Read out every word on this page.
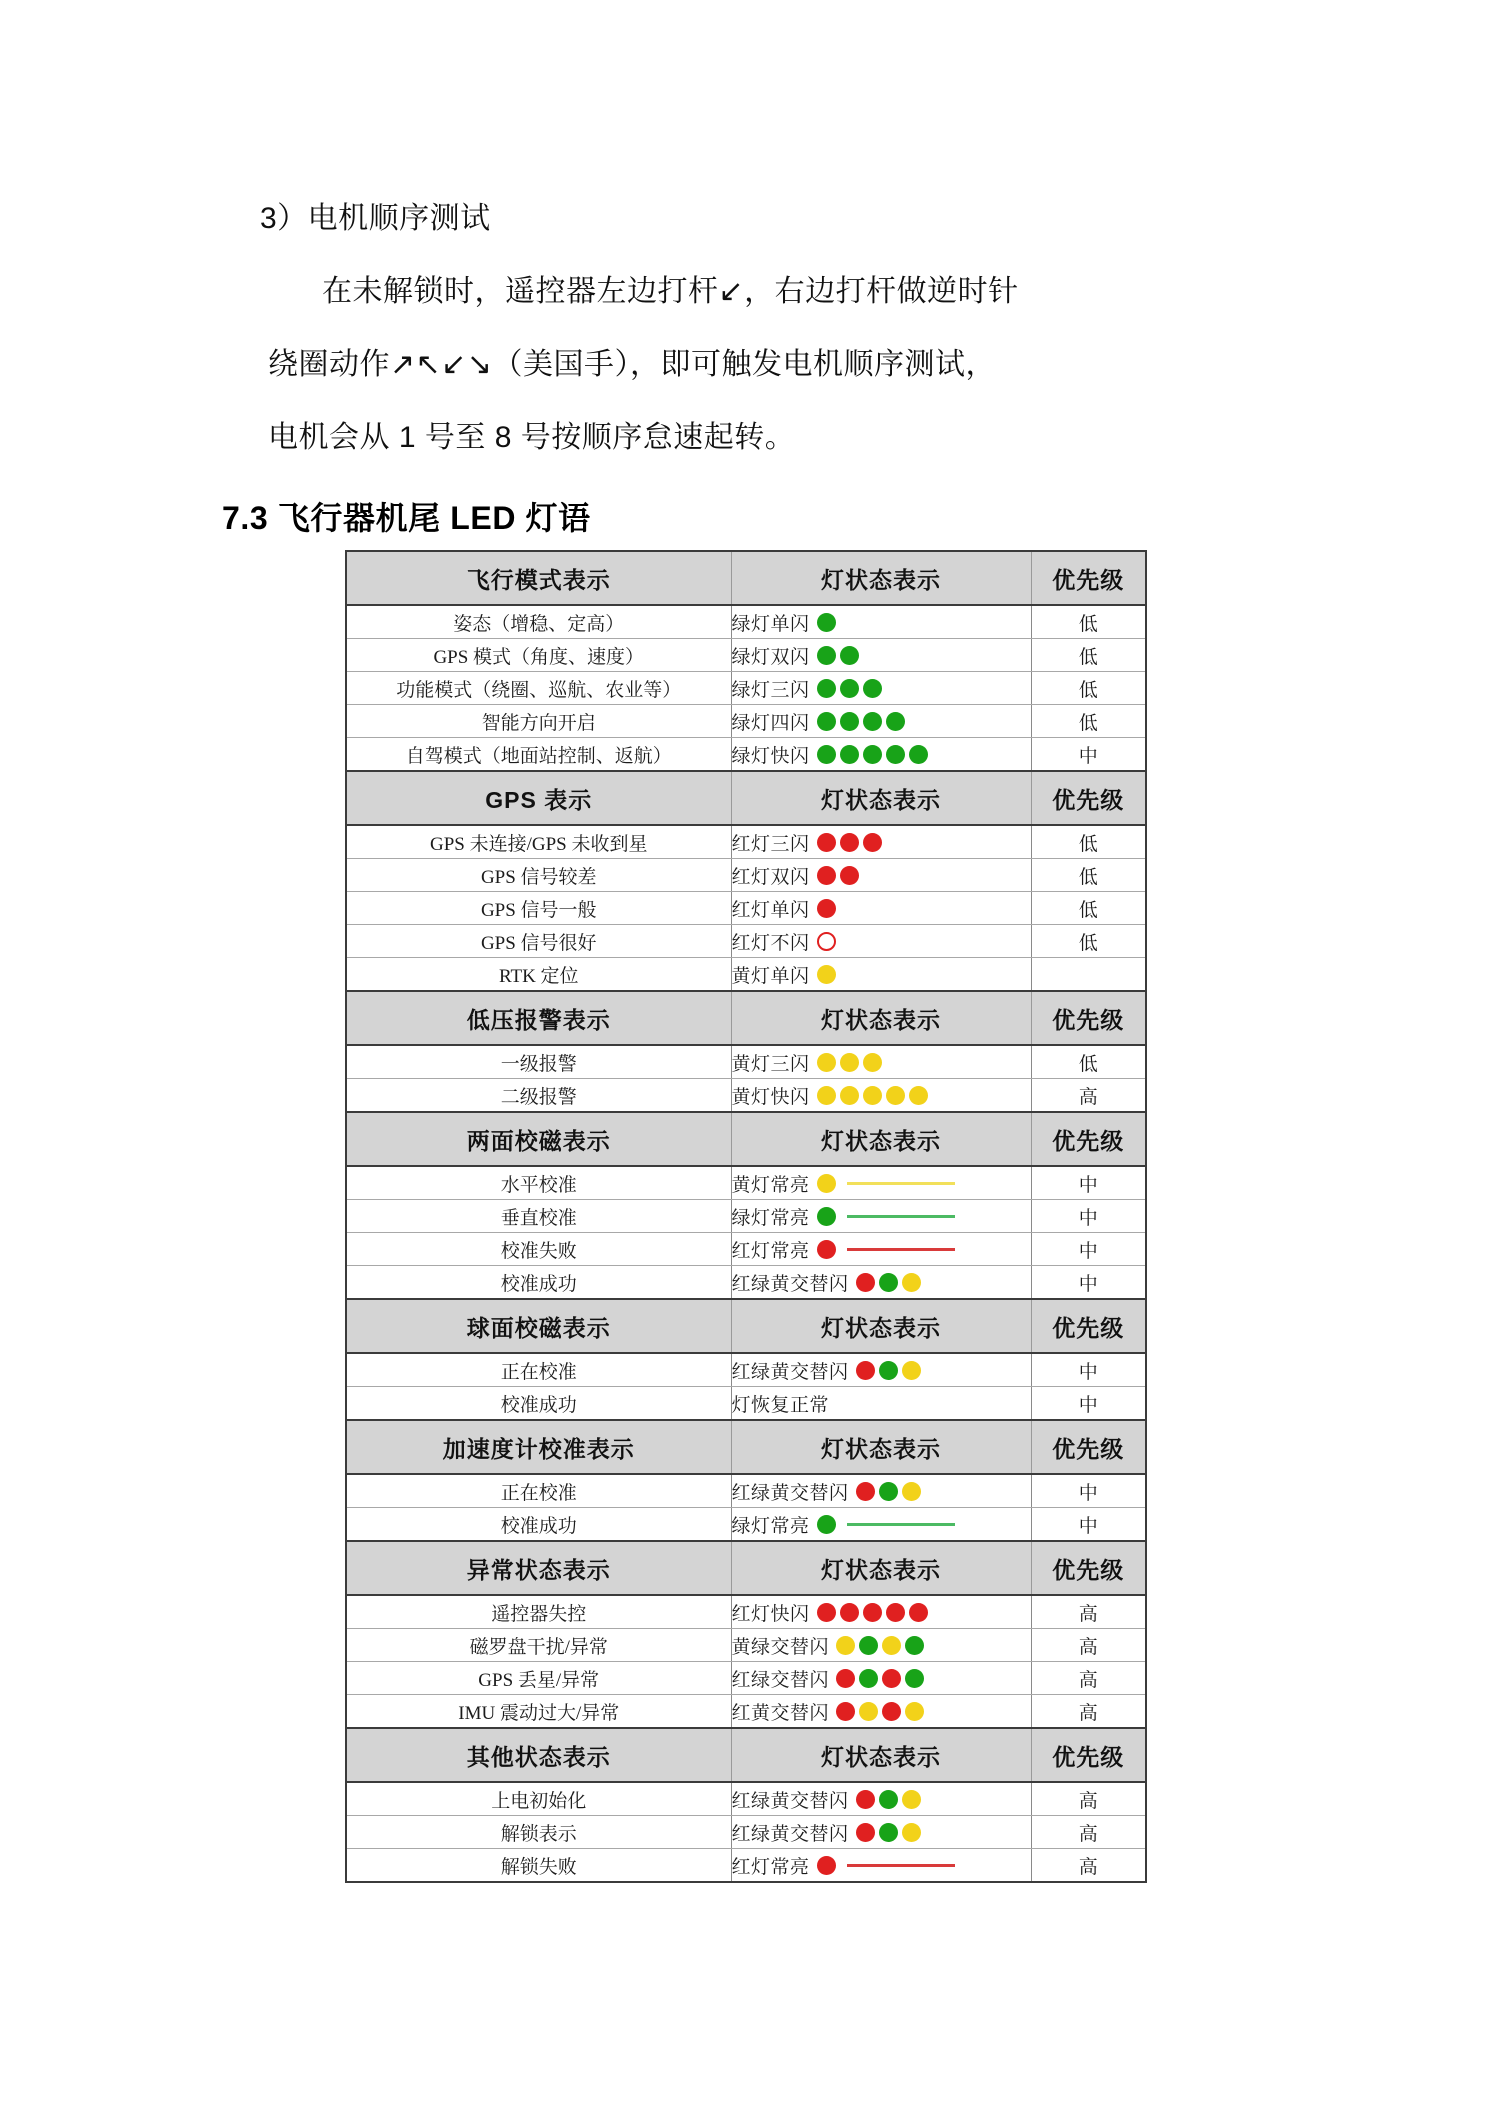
3）电机顺序测试

在未解锁时，遥控器左边打杆↙，右边打杆做逆时针

绕圈动作↗↖↙↘（美国手），即可触发电机顺序测试，

电机会从 1 号至 8 号按顺序怠速起转。

7.3 飞行器机尾 LED 灯语
飞行模式表示	灯状态表示	优先级
姿态（增稳、定高）	绿灯单闪	低
GPS 模式（角度、速度）	绿灯双闪	低
功能模式（绕圈、巡航、农业等）	绿灯三闪	低
智能方向开启	绿灯四闪	低
自驾模式（地面站控制、返航）	绿灯快闪	中
GPS 表示	灯状态表示	优先级
GPS 未连接/GPS 未收到星	红灯三闪	低
GPS 信号较差	红灯双闪	低
GPS 信号一般	红灯单闪	低
GPS 信号很好	红灯不闪	低
RTK 定位	黄灯单闪	

低压报警表示	灯状态表示	优先级
一级报警	黄灯三闪	低
二级报警	黄灯快闪	高
两面校磁表示	灯状态表示	优先级
水平校准	黄灯常亮	中
垂直校准	绿灯常亮	中
校准失败	红灯常亮	中
校准成功	红绿黄交替闪	中
球面校磁表示	灯状态表示	优先级
正在校准	红绿黄交替闪	中
校准成功	灯恢复正常	中
加速度计校准表示	灯状态表示	优先级
正在校准	红绿黄交替闪	中
校准成功	绿灯常亮	中
异常状态表示	灯状态表示	优先级
遥控器失控	红灯快闪	高
磁罗盘干扰/异常	黄绿交替闪	高
GPS 丢星/异常	红绿交替闪	高
IMU 震动过大/异常	红黄交替闪	高
其他状态表示	灯状态表示	优先级
上电初始化	红绿黄交替闪	高
解锁表示	红绿黄交替闪	高
解锁失败	红灯常亮	高
